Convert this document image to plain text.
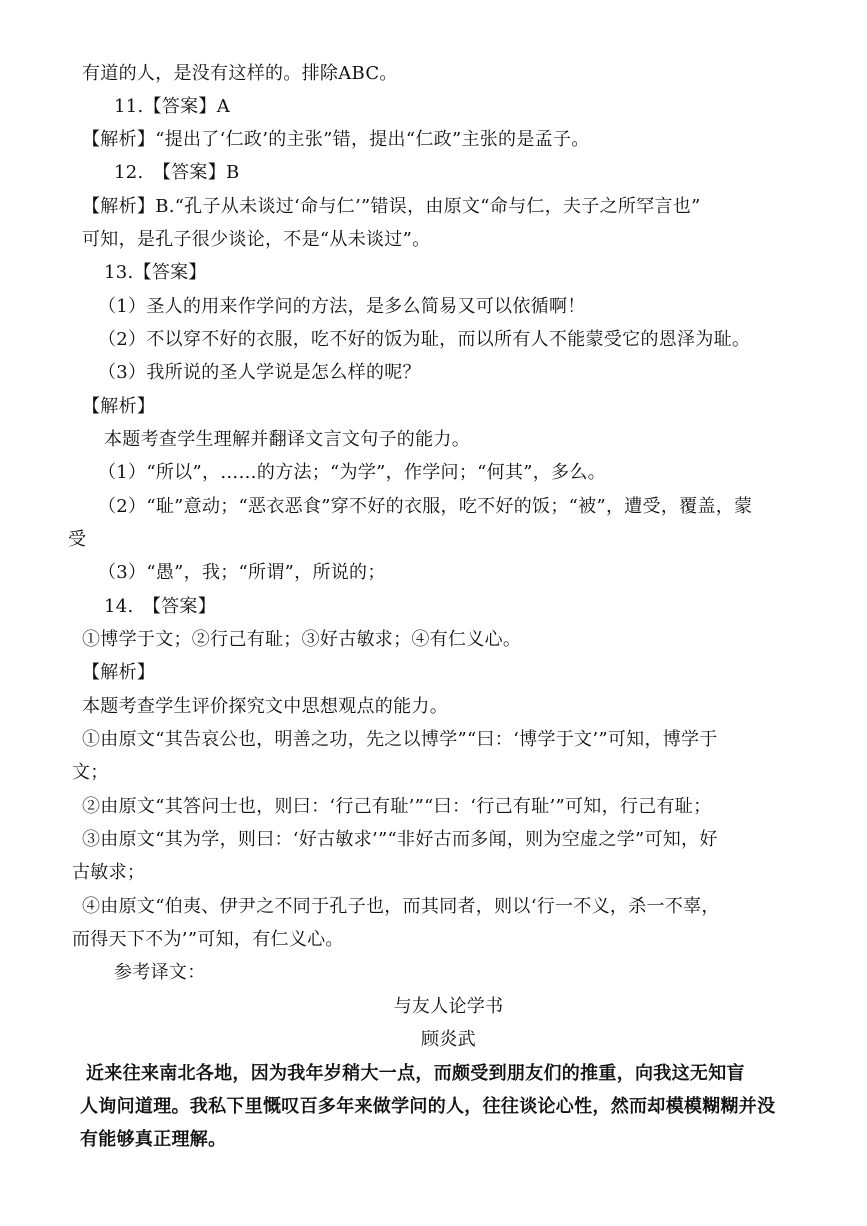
有道的人，是没有这样的。排除ABC。
11.【答案】A
【解析】“提出了‘仁政’的主张”错，提出“仁政”主张的是孟子。
12.　【答案】B
【解析】B.“孔子从未谈过‘命与仁’”错误，由原文“命与仁，夫子之所罕言也”
可知，是孔子很少谈论，不是“从未谈过”。
13.【答案】
（1）圣人的用来作学问的方法，是多么简易又可以依循啊！
（2）不以穿不好的衣服，吃不好的饭为耻，而以所有人不能蒙受它的恩泽为耻。
（3）我所说的圣人学说是怎么样的呢？
【解析】
本题考查学生理解并翻译文言文句子的能力。
（1）“所以”，……的方法；“为学”，作学问；“何其”，多么。
（2）“耻”意动；“恶衣恶食”穿不好的衣服，吃不好的饭；“被”，遭受，覆盖，蒙
受
（3）“愚”，我；“所谓”，所说的；
14.　【答案】
①博学于文；②行己有耻；③好古敏求；④有仁义心。
【解析】
本题考查学生评价探究文中思想观点的能力。
①由原文“其告哀公也，明善之功，先之以博学”“曰：‘博学于文’”可知，博学于
文；
②由原文“其答问士也，则曰：‘行己有耻’”“曰：‘行己有耻’”可知，行己有耻；
③由原文“其为学，则曰：‘好古敏求’”“非好古而多闻，则为空虚之学”可知，好
古敏求；
④由原文“伯夷、伊尹之不同于孔子也，而其同者，则以‘行一不义，杀一不辜，
而得天下不为’”可知，有仁义心。
参考译文：
与友人论学书
顾炎武
近来往来南北各地，因为我年岁稍大一点，而颇受到朋友们的推重，向我这无知盲
人询问道理。我私下里慨叹百多年来做学问的人，往往谈论心性，然而却模模糊糊并没
有能够真正理解。
